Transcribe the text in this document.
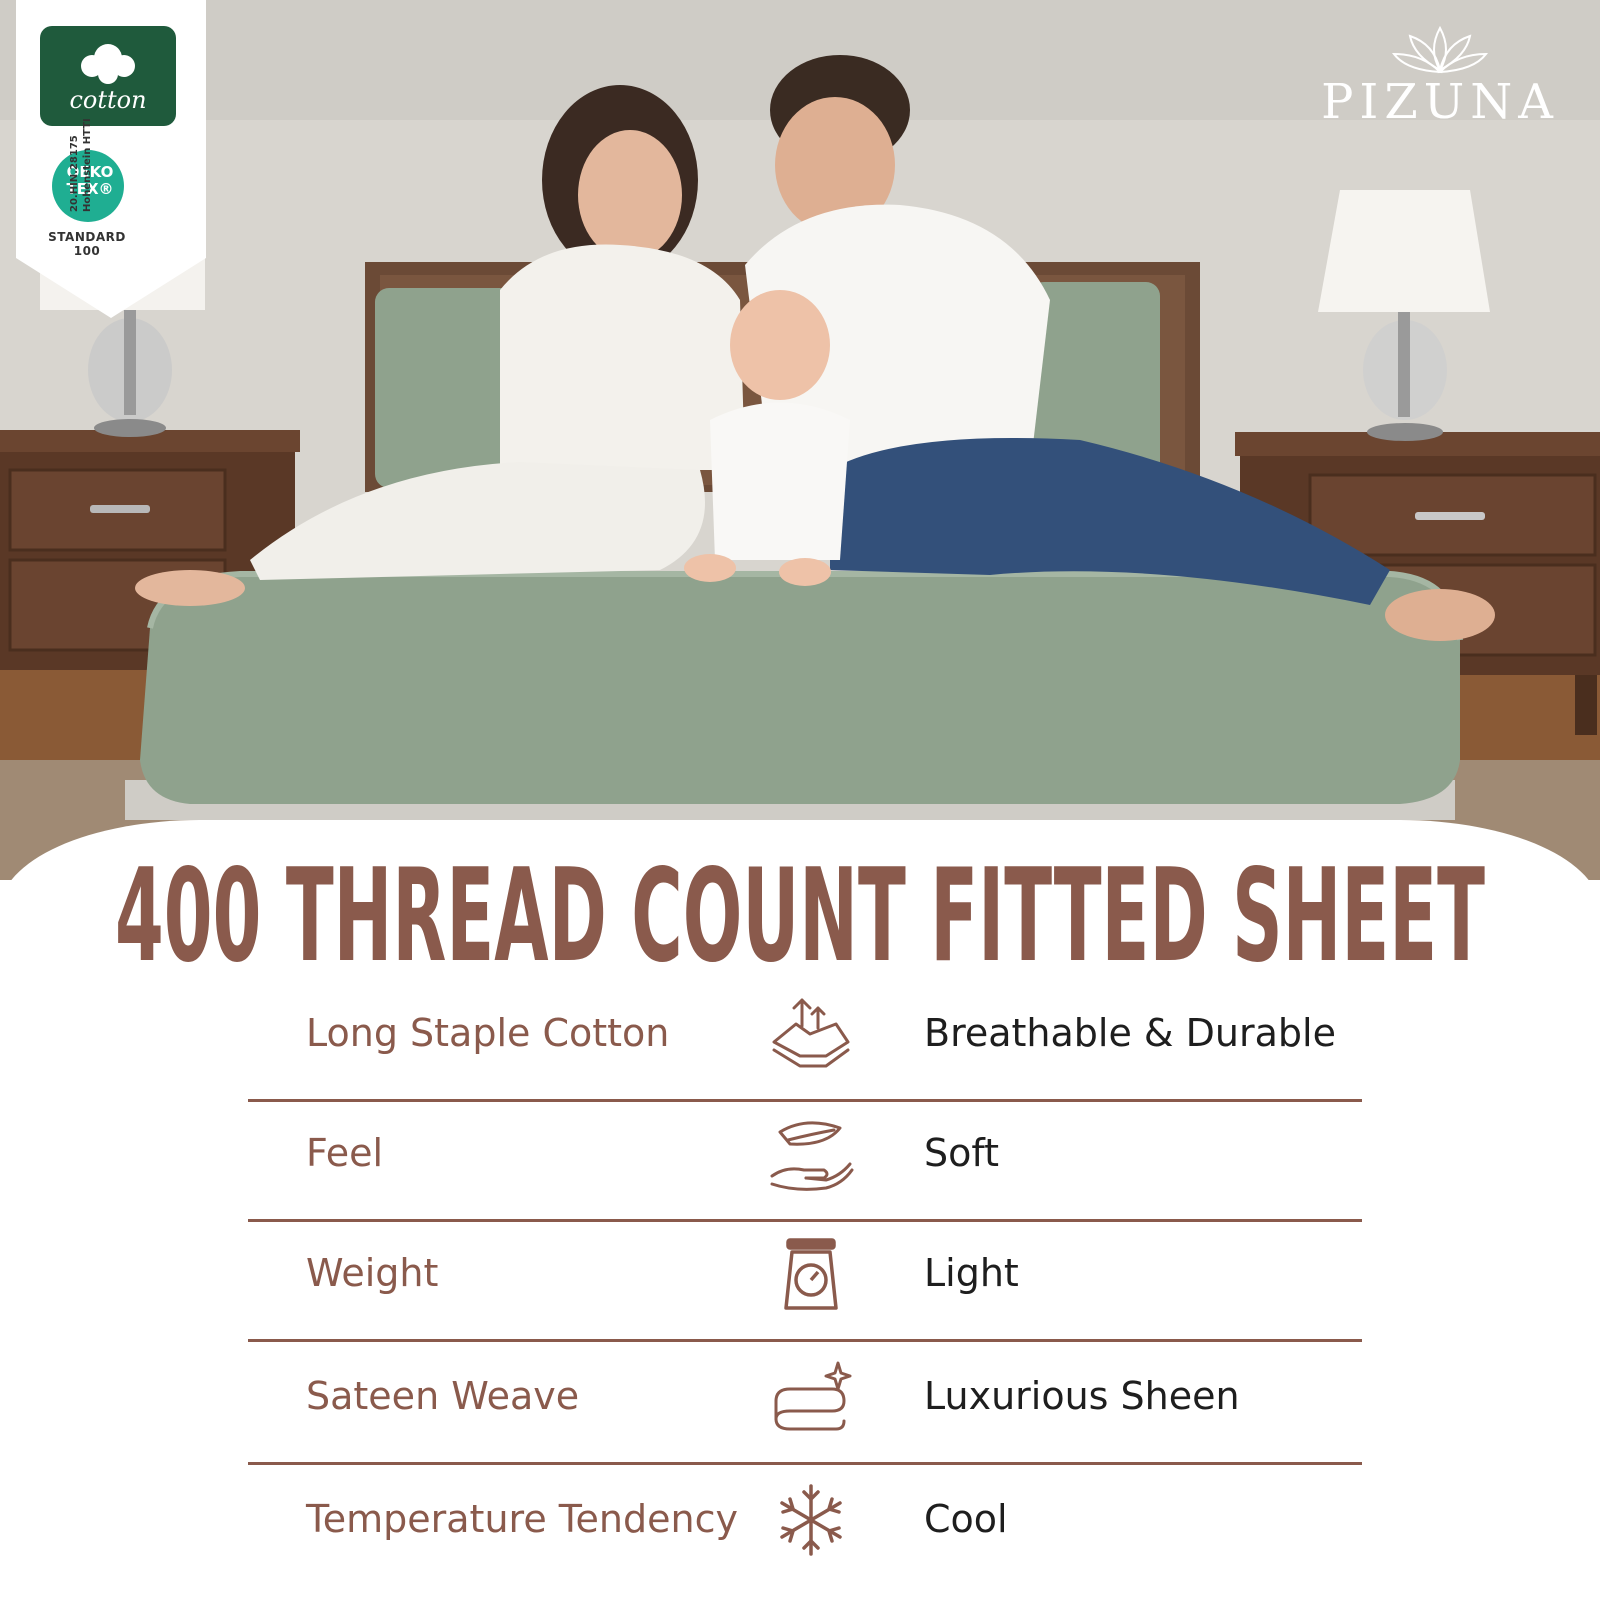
cotton
OEKO TEX®
STANDARD 100
20.HIN.28175 Hohenstein HTTI
PIZUNA
400 THREAD COUNT FITTED SHEET
Long Staple Cotton	Breathable & Durable
Feel	Soft
Weight	Light
Sateen Weave	Luxurious Sheen
Temperature Tendency	Cool
